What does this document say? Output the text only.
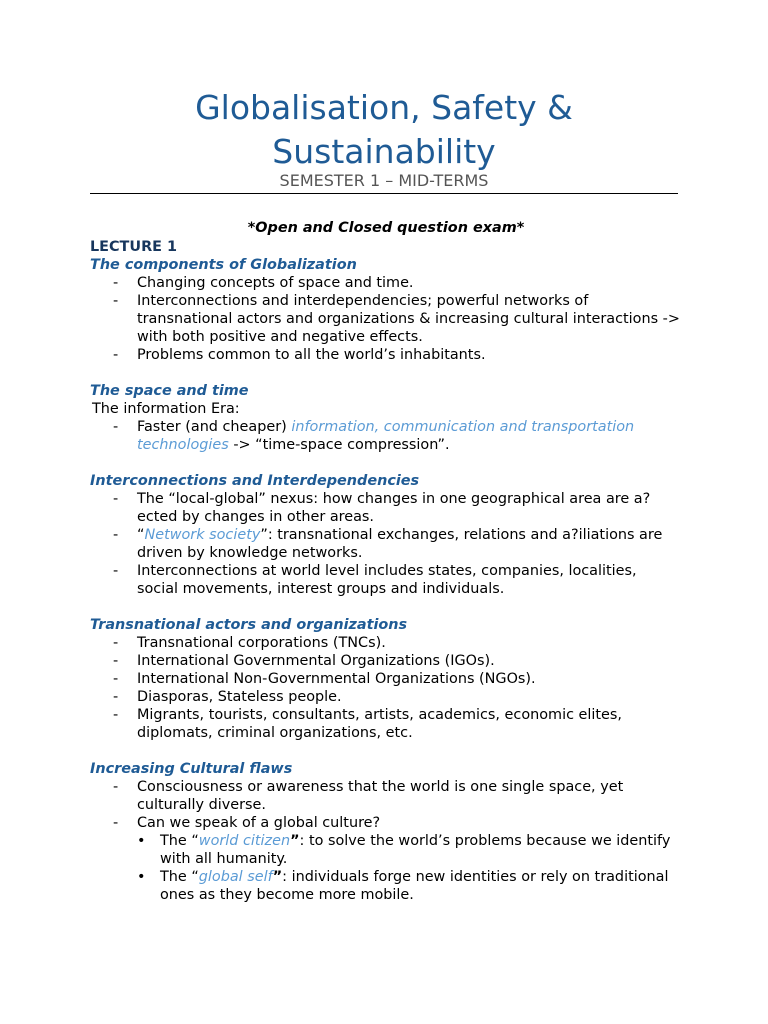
Globalisation, Safety & Sustainability
SEMESTER 1 – MID-TERMS

*Open and Closed question exam*

LECTURE 1

The components of Globalization

- Changing concepts of space and time.
- Interconnections and interdependencies; powerful networks of transnational actors and organizations & increasing cultural interactions -> with both positive and negative effects.
- Problems common to all the world’s inhabitants.

The space and time

The information Era:

- Faster (and cheaper) information, communication and transportation technologies -> “time-space compression”.

Interconnections and Interdependencies

- The “local-global” nexus: how changes in one geographical area are a?ected by changes in other areas.
- “Network society”: transnational exchanges, relations and a?iliations are driven by knowledge networks.
- Interconnections at world level includes states, companies, localities, social movements, interest groups and individuals.

Transnational actors and organizations

- Transnational corporations (TNCs).
- International Governmental Organizations (IGOs).
- International Non-Governmental Organizations (NGOs).
- Diasporas, Stateless people.
- Migrants, tourists, consultants, artists, academics, economic elites, diplomats, criminal organizations, etc.

Increasing Cultural flaws

- Consciousness or awareness that the world is one single space, yet culturally diverse.
- Can we speak of a global culture?
• The “world citizen”: to solve the world’s problems because we identify with all humanity.
• The “global self”: individuals forge new identities or rely on traditional ones as they become more mobile.
